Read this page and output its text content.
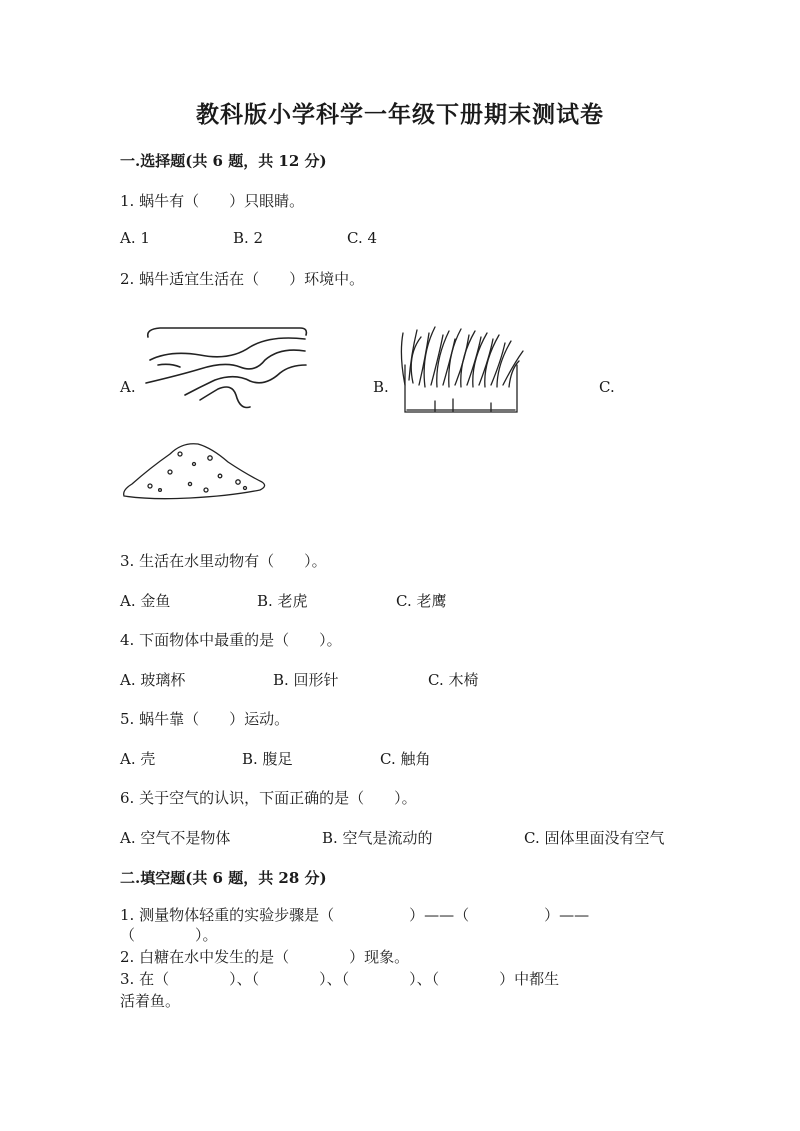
教科版小学科学一年级下册期末测试卷
一.选择题(共 6 题，共 12 分)
1. 蜗牛有（　　）只眼睛。
A. 1	B. 2	C. 4
2. 蜗牛适宜生活在（　　）环境中。
A.	B.	C.
3. 生活在水里动物有（　　）。
A. 金鱼	B. 老虎	C. 老鹰
4. 下面物体中最重的是（　　）。
A. 玻璃杯	B. 回形针	C. 木椅
5. 蜗牛靠（　　）运动。
A. 壳	B. 腹足	C. 触角
6. 关于空气的认识，下面正确的是（　　）。
A. 空气不是物体	B. 空气是流动的	C. 固体里面没有空气
二.填空题(共 6 题，共 28 分)
1. 测量物体轻重的实验步骤是（　　　　　）——（　　　　　）——
（　　　　）。
2. 白糖在水中发生的是（　　　　）现象。
3. 在（　　　　）、（　　　　）、（　　　　）、（　　　　）中都生
活着鱼。
